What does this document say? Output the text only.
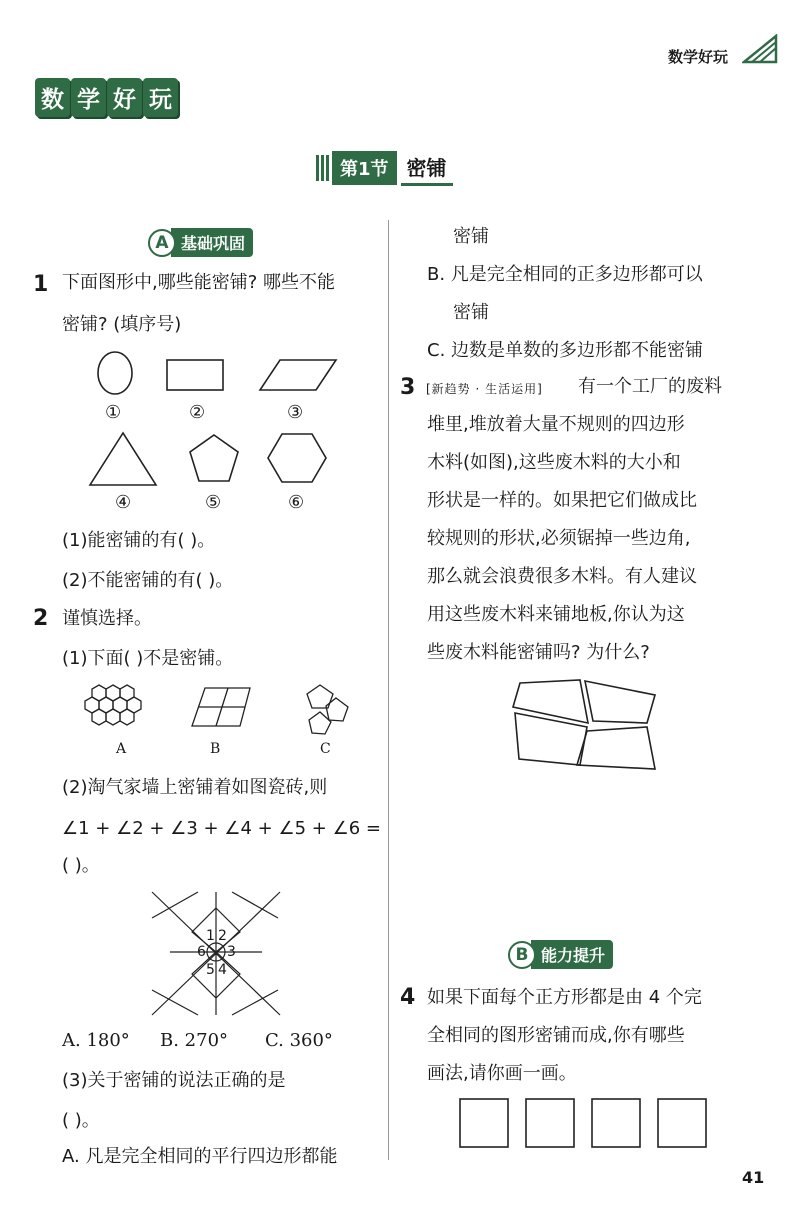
数学好玩
数 学 好 玩
第1节 密铺
A 基础巩固
1 下面图形中,哪些能密铺? 哪些不能
密铺? (填序号)
①	②	③
④	⑤	⑥
(1)能密铺的有( )。
(2)不能密铺的有( )。
2 谨慎选择。
(1)下面( )不是密铺。
A	B	C
(2)淘气家墙上密铺着如图瓷砖,则
∠1 + ∠2 + ∠3 + ∠4 + ∠5 + ∠6 =
( )。
1 2
3
4
5
6
A. 180° B. 270° C. 360°
(3)关于密铺的说法正确的是
( )。
A. 凡是完全相同的平行四边形都能
密铺
B. 凡是完全相同的正多边形都可以
密铺
C. 边数是单数的多边形都不能密铺
3 [新趋势 · 生活运用] 有一个工厂的废料
堆里,堆放着大量不规则的四边形
木料(如图),这些废木料的大小和
形状是一样的。如果把它们做成比
较规则的形状,必须锯掉一些边角,
那么就会浪费很多木料。有人建议
用这些废木料来铺地板,你认为这
些废木料能密铺吗? 为什么?
B 能力提升
4 如果下面每个正方形都是由 4 个完
全相同的图形密铺而成,你有哪些
画法,请你画一画。
41
